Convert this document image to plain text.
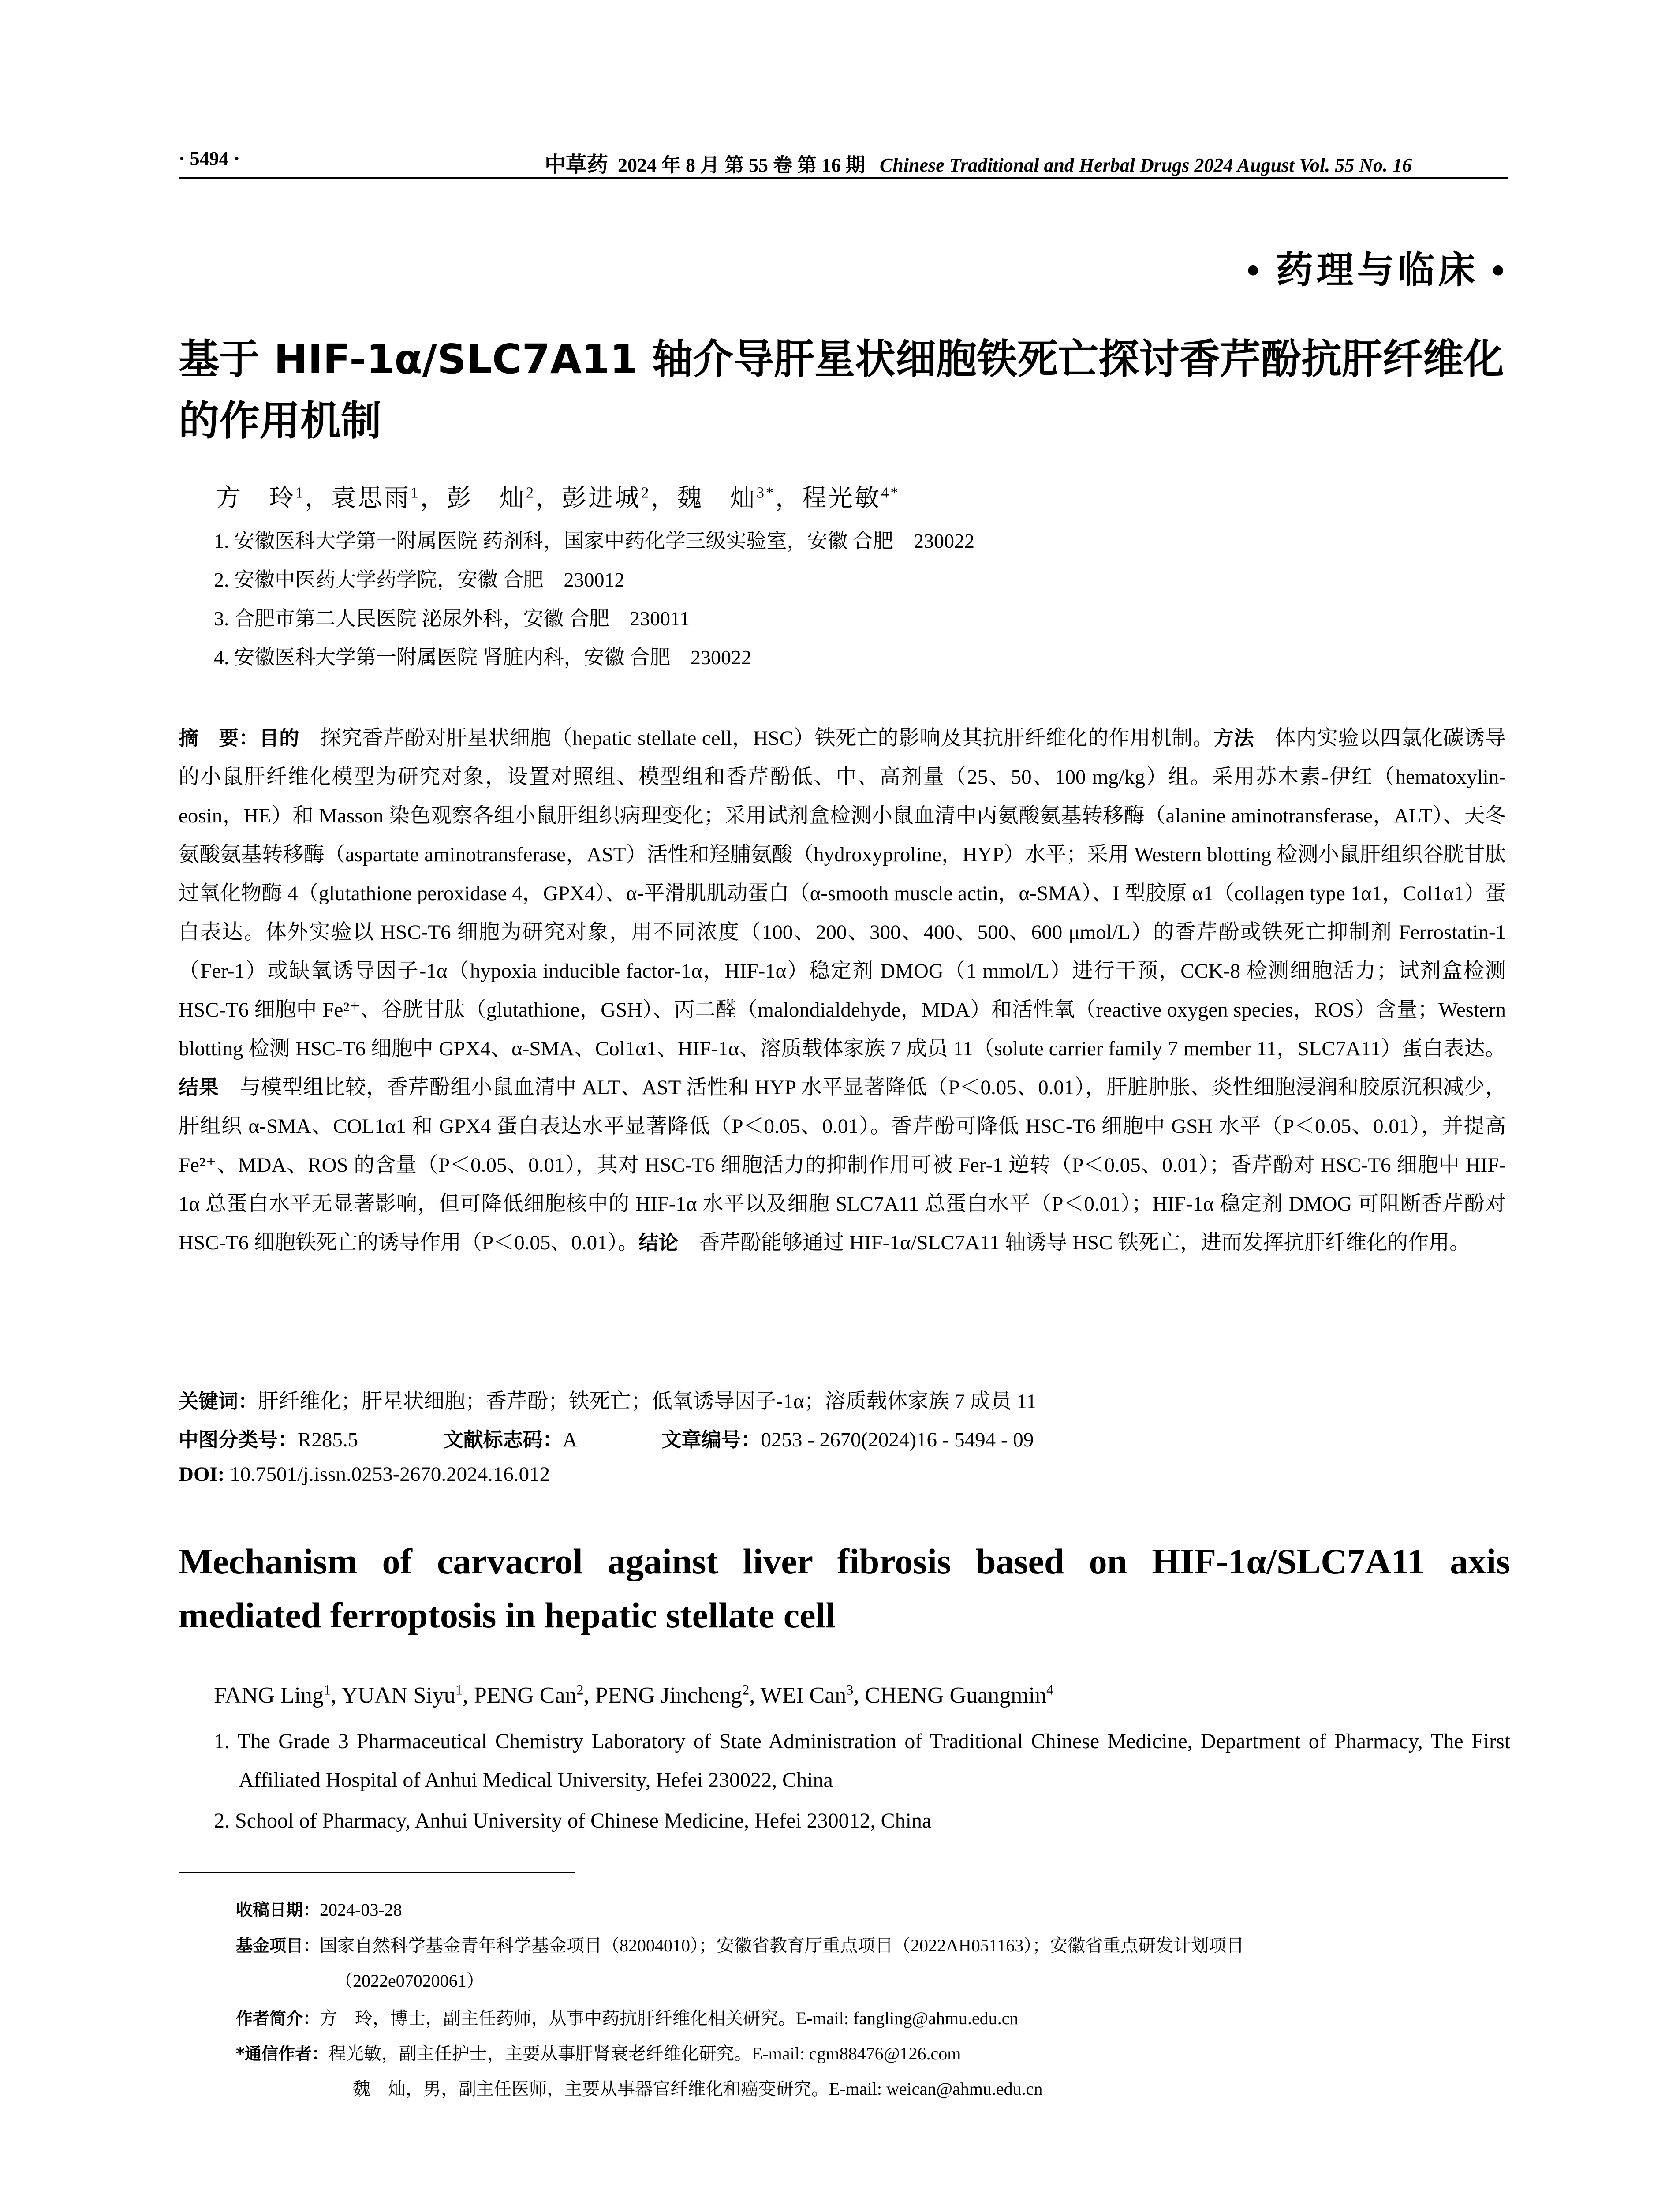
· 5494 ·	中草药 2024 年 8 月 第 55 卷 第 16 期 Chinese Traditional and Herbal Drugs 2024 August Vol. 55 No. 16
• 药理与临床 •
基于 HIF-1α/SLC7A11 轴介导肝星状细胞铁死亡探讨香芹酚抗肝纤维化的作用机制
方　玲$^1$，袁思雨$^1$，彭　灿$^2$，彭进城$^2$，魏　灿$^{3*}$，程光敏$^{4*}$
1. 安徽医科大学第一附属医院 药剂科，国家中药化学三级实验室，安徽 合肥　230022
2. 安徽中医药大学药学院，安徽 合肥　230012
3. 合肥市第二人民医院 泌尿外科，安徽 合肥　230011
4. 安徽医科大学第一附属医院 肾脏内科，安徽 合肥　230022
摘　要：目的　探究香芹酚对肝星状细胞（hepatic stellate cell，HSC）铁死亡的影响及其抗肝纤维化的作用机制。方法　体内实验以四氯化碳诱导的小鼠肝纤维化模型为研究对象，设置对照组、模型组和香芹酚低、中、高剂量（25、50、100 mg/kg）组。采用苏木素-伊红（hematoxylin-eosin，HE）和 Masson 染色观察各组小鼠肝组织病理变化；采用试剂盒检测小鼠血清中丙氨酸氨基转移酶（alanine aminotransferase，ALT）、天冬氨酸氨基转移酶（aspartate aminotransferase，AST）活性和羟脯氨酸（hydroxyproline，HYP）水平；采用 Western blotting 检测小鼠肝组织谷胱甘肽过氧化物酶 4（glutathione peroxidase 4，GPX4）、α-平滑肌肌动蛋白（α-smooth muscle actin，α-SMA）、I 型胶原 α1（collagen type 1α1，Col1α1）蛋白表达。体外实验以 HSC-T6 细胞为研究对象，用不同浓度（100、200、300、400、500、600 μmol/L）的香芹酚或铁死亡抑制剂 Ferrostatin-1（Fer-1）或缺氧诱导因子-1α（hypoxia inducible factor-1α，HIF-1α）稳定剂 DMOG（1 mmol/L）进行干预，CCK-8 检测细胞活力；试剂盒检测 HSC-T6 细胞中 Fe²⁺、谷胱甘肽（glutathione，GSH）、丙二醛（malondialdehyde，MDA）和活性氧（reactive oxygen species，ROS）含量；Western blotting 检测 HSC-T6 细胞中 GPX4、α-SMA、Col1α1、HIF-1α、溶质载体家族 7 成员 11（solute carrier family 7 member 11，SLC7A11）蛋白表达。结果　与模型组比较，香芹酚组小鼠血清中 ALT、AST 活性和 HYP 水平显著降低（P＜0.05、0.01），肝脏肿胀、炎性细胞浸润和胶原沉积减少，肝组织 α-SMA、COL1α1 和 GPX4 蛋白表达水平显著降低（P＜0.05、0.01）。香芹酚可降低 HSC-T6 细胞中 GSH 水平（P＜0.05、0.01），并提高 Fe²⁺、MDA、ROS 的含量（P＜0.05、0.01），其对 HSC-T6 细胞活力的抑制作用可被 Fer-1 逆转（P＜0.05、0.01）；香芹酚对 HSC-T6 细胞中 HIF-1α 总蛋白水平无显著影响，但可降低细胞核中的 HIF-1α 水平以及细胞 SLC7A11 总蛋白水平（P＜0.01）；HIF-1α 稳定剂 DMOG 可阻断香芹酚对 HSC-T6 细胞铁死亡的诱导作用（P＜0.05、0.01）。结论　香芹酚能够通过 HIF-1α/SLC7A11 轴诱导 HSC 铁死亡，进而发挥抗肝纤维化的作用。
关键词：肝纤维化；肝星状细胞；香芹酚；铁死亡；低氧诱导因子-1α；溶质载体家族 7 成员 11
中图分类号：R285.5	文献标志码：A	文章编号：0253 - 2670(2024)16 - 5494 - 09
DOI: 10.7501/j.issn.0253-2670.2024.16.012
Mechanism of carvacrol against liver fibrosis based on HIF-1α/SLC7A11 axis mediated ferroptosis in hepatic stellate cell
FANG Ling$^1$, YUAN Siyu$^1$, PENG Can$^2$, PENG Jincheng$^2$, WEI Can$^3$, CHENG Guangmin$^4$
1. The Grade 3 Pharmaceutical Chemistry Laboratory of State Administration of Traditional Chinese Medicine, Department of Pharmacy, The First Affiliated Hospital of Anhui Medical University, Hefei 230022, China
2. School of Pharmacy, Anhui University of Chinese Medicine, Hefei 230012, China
收稿日期：2024-03-28
基金项目：国家自然科学基金青年科学基金项目（82004010）；安徽省教育厅重点项目（2022AH051163）；安徽省重点研发计划项目
（2022e07020061）
作者简介：方　玲，博士，副主任药师，从事中药抗肝纤维化相关研究。E-mail: fangling@ahmu.edu.cn
*通信作者：程光敏，副主任护士，主要从事肝肾衰老纤维化研究。E-mail: cgm88476@126.com
魏　灿，男，副主任医师，主要从事器官纤维化和癌变研究。E-mail: weican@ahmu.edu.cn
